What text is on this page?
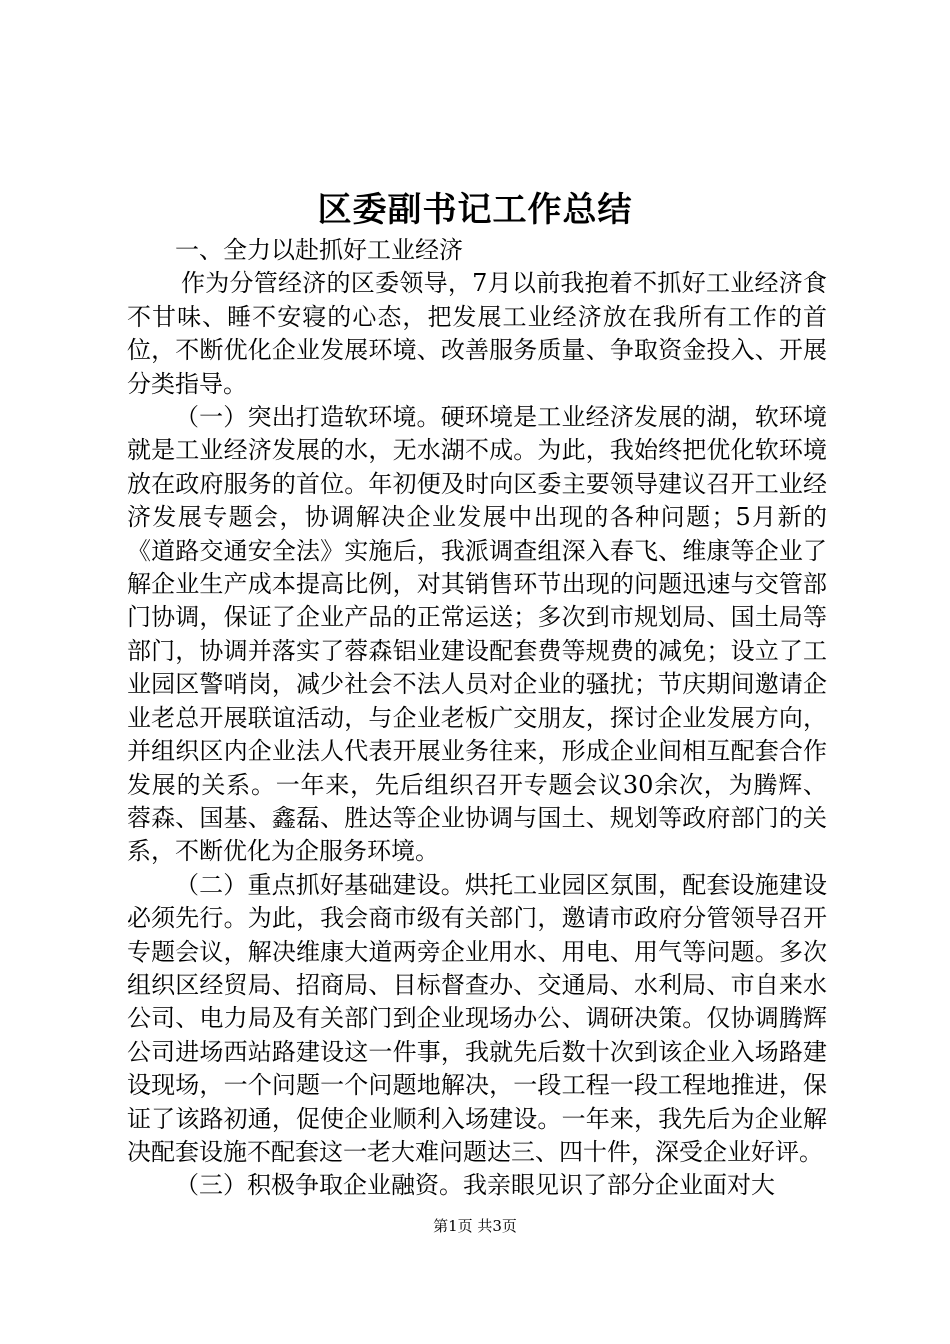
区委副书记工作总结

一、全力以赴抓好工业经济

作为分管经济的区委领导，7月以前我抱着不抓好工业经济食不甘味、睡不安寝的心态，把发展工业经济放在我所有工作的首位，不断优化企业发展环境、改善服务质量、争取资金投入、开展分类指导。

（一）突出打造软环境。硬环境是工业经济发展的湖，软环境就是工业经济发展的水，无水湖不成。为此，我始终把优化软环境放在政府服务的首位。年初便及时向区委主要领导建议召开工业经济发展专题会，协调解决企业发展中出现的各种问题；5月新的《道路交通安全法》实施后，我派调查组深入春飞、维康等企业了解企业生产成本提高比例，对其销售环节出现的问题迅速与交管部门协调，保证了企业产品的正常运送；多次到市规划局、国土局等部门，协调并落实了蓉森铝业建设配套费等规费的减免；设立了工业园区警哨岗，减少社会不法人员对企业的骚扰；节庆期间邀请企业老总开展联谊活动，与企业老板广交朋友，探讨企业发展方向，并组织区内企业法人代表开展业务往来，形成企业间相互配套合作发展的关系。一年来，先后组织召开专题会议30余次，为腾辉、蓉森、国基、鑫磊、胜达等企业协调与国土、规划等政府部门的关系，不断优化为企服务环境。

（二）重点抓好基础建设。烘托工业园区氛围，配套设施建设必须先行。为此，我会商市级有关部门，邀请市政府分管领导召开专题会议，解决维康大道两旁企业用水、用电、用气等问题。多次组织区经贸局、招商局、目标督查办、交通局、水利局、市自来水公司、电力局及有关部门到企业现场办公、调研决策。仅协调腾辉公司进场西站路建设这一件事，我就先后数十次到该企业入场路建设现场，一个问题一个问题地解决，一段工程一段工程地推进，保证了该路初通，促使企业顺利入场建设。一年来，我先后为企业解决配套设施不配套这一老大难问题达三、四十件，深受企业好评。

（三）积极争取企业融资。我亲眼见识了部分企业面对大

第1页 共3页
